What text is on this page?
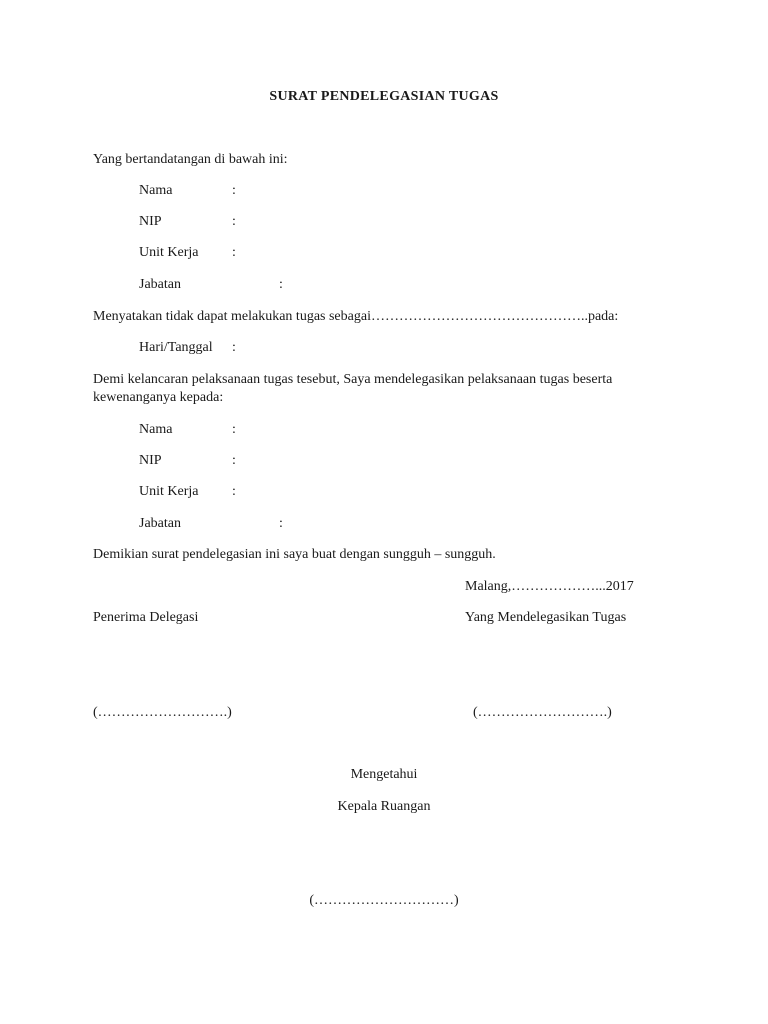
SURAT PENDELEGASIAN TUGAS
Yang bertandatangan di bawah ini:
Nama	:
NIP	:
Unit Kerja :
Jabatan	:
Menyatakan tidak dapat melakukan tugas sebagai………………………………………..pada:
Hari/Tanggal :
Demi kelancaran pelaksanaan tugas tesebut, Saya mendelegasikan pelaksanaan tugas beserta kewenanganya kepada:
Nama	:
NIP	:
Unit Kerja :
Jabatan	:
Demikian surat pendelegasian ini saya buat dengan sungguh – sungguh.
Malang,………………...2017
Penerima Delegasi	Yang Mendelegasikan Tugas
(……………………….)	(……………………….)
Mengetahui
Kepala Ruangan
(…………………………)
